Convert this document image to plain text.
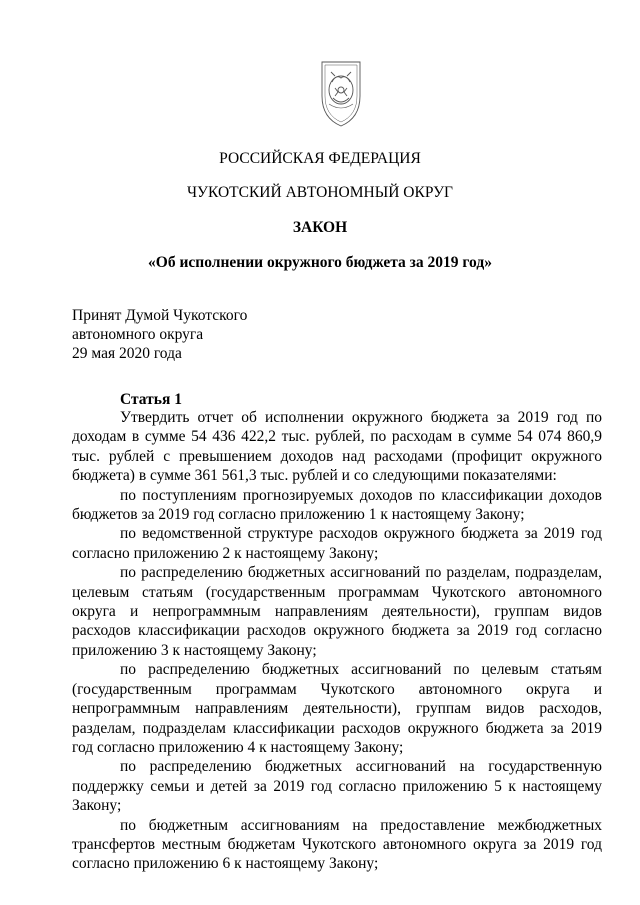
РОССИЙСКАЯ ФЕДЕРАЦИЯ
ЧУКОТСКИЙ АВТОНОМНЫЙ ОКРУГ
ЗАКОН
«Об исполнении окружного бюджета за 2019 год»
Принят Думой Чукотского
автономного округа
29 мая 2020 года
Статья 1

Утвердить отчет об исполнении окружного бюджета за 2019 год по доходам в сумме 54 436 422,2 тыс. рублей, по расходам в сумме 54 074 860,9 тыс. рублей с превышением доходов над расходами (профицит окружного бюджета) в сумме 361 561,3 тыс. рублей и со следующими показателями:

по поступлениям прогнозируемых доходов по классификации доходов бюджетов за 2019 год согласно приложению 1 к настоящему Закону;

по ведомственной структуре расходов окружного бюджета за 2019 год согласно приложению 2 к настоящему Закону;

по распределению бюджетных ассигнований по разделам, подразделам, целевым статьям (государственным программам Чукотского автономного округа и непрограммным направлениям деятельности), группам видов расходов классификации расходов окружного бюджета за 2019 год согласно приложению 3 к настоящему Закону;

по распределению бюджетных ассигнований по целевым статьям (государственным программам Чукотского автономного округа и непрограммным направлениям деятельности), группам видов расходов, разделам, подразделам классификации расходов окружного бюджета за 2019 год согласно приложению 4 к настоящему Закону;

по распределению бюджетных ассигнований на государственную поддержку семьи и детей за 2019 год согласно приложению 5 к настоящему Закону;

по бюджетным ассигнованиям на предоставление межбюджетных трансфертов местным бюджетам Чукотского автономного округа за 2019 год согласно приложению 6 к настоящему Закону;
